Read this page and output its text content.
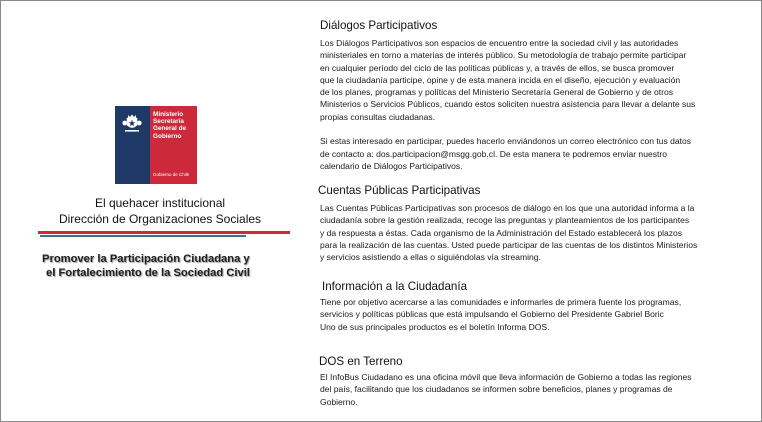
Ministerio
Secretaría
General de
Gobierno
Gobierno de Chile
El quehacer institucional
Dirección de Organizaciones Sociales
Promover la Participación Ciudadana y
el Fortalecimiento de la Sociedad Civil
Diálogos Participativos
Los Diálogos Participativos son espacios de encuentro entre la sociedad civil y las autoridades
ministeriales en torno a materias de interés público. Su metodología de trabajo permite participar
en cualquier período del ciclo de las políticas públicas y, a través de ellos, se busca promover
que la ciudadanía participe, opine y de esta manera incida en el diseño, ejecución y evaluación
de los planes, programas y políticas del Ministerio Secretaría General de Gobierno y de otros
Ministerios o Servicios Públicos, cuando estos soliciten nuestra asistencia para llevar a delante sus
propias consultas ciudadanas.
Si estas interesado en participar, puedes hacerlo enviándonos un correo electrónico con tus datos
de contacto a: dos.participacion@msgg.gob.cl. De esta manera te podremos enviar nuestro
calendario de Diálogos Participativos.
Cuentas Públicas Participativas
Las Cuentas Públicas Participativas son procesos de diálogo en los que una autoridad informa a la
ciudadanía sobre la gestión realizada, recoge las preguntas y planteamientos de los participantes
y da respuesta a éstas. Cada organismo de la Administración del Estado establecerá los plazos
para la realización de las cuentas. Usted puede participar de las cuentas de los distintos Ministerios
y servicios asistiendo a ellas o siguiéndolas vía streaming.
Información a la Ciudadanía
Tiene por objetivo acercarse a las comunidades e informarles de primera fuente los programas,
servicios y políticas públicas que está impulsando el Gobierno del Presidente Gabriel Boric
Uno de sus principales productos es el boletín Informa DOS.
DOS en Terreno
El InfoBus Ciudadano es una oficina móvil que lleva información de Gobierno a todas las regiones
del país, facilitando que los ciudadanos se informen sobre beneficios, planes y programas de
Gobierno.
